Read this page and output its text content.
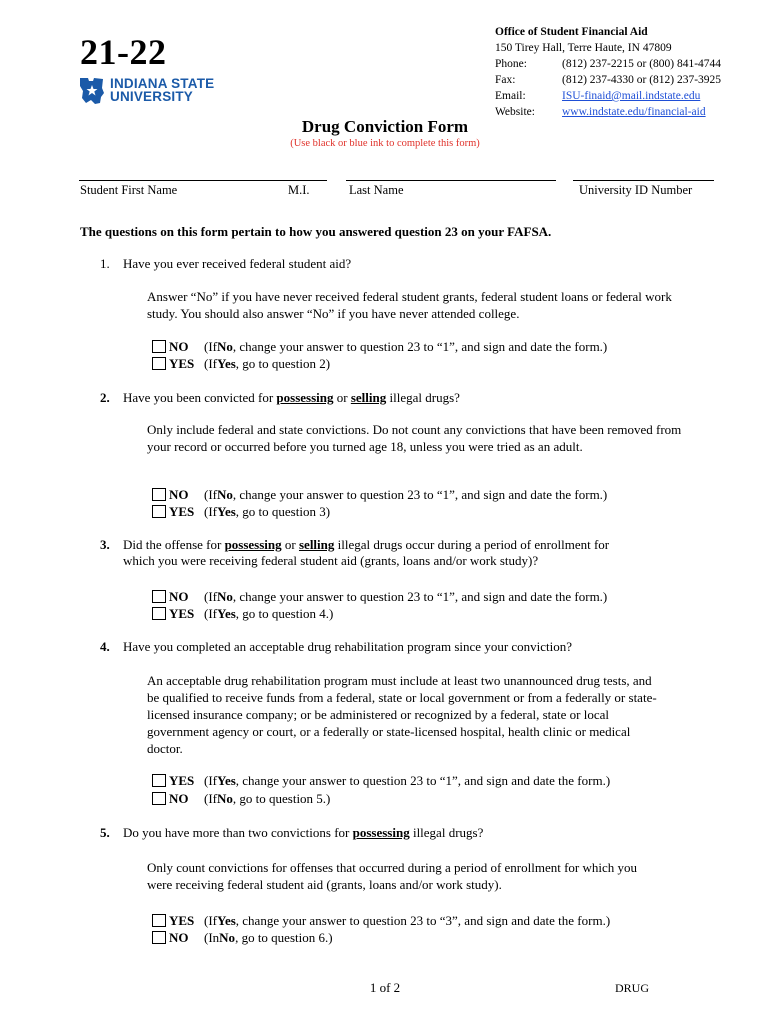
21-22
INDIANA STATE
UNIVERSITY
Office of Student Financial Aid
150 Tirey Hall, Terre Haute, IN 47809
Phone:	(812) 237-2215 or (800) 841-4744
Fax:	(812) 237-4330 or (812) 237-3925
Email:	ISU-finaid@mail.indstate.edu
Website:	www.indstate.edu/financial-aid
Drug Conviction Form
(Use black or blue ink to complete this form)
Student First Name	M.I.	Last Name	University ID Number
The questions on this form pertain to how you answered question 23 on your FAFSA.
1.	Have you ever received federal student aid?
Answer “No” if you have never received federal student grants, federal student loans or federal work study. You should also answer “No” if you have never attended college.
NO	(If No , change your answer to question 23 to “1”, and sign and date the form.)
YES (If Yes , go to question 2)
2.	Have you been convicted for possessing or selling illegal drugs?
Only include federal and state convictions. Do not count any convictions that have been removed from your record or occurred before you turned age 18, unless you were tried as an adult.
NO	(If No , change your answer to question 23 to “1”, and sign and date the form.)
YES (If Yes , go to question 3)
3.	Did the offense for possessing or selling illegal drugs occur during a period of enrollment for
which you were receiving federal student aid (grants, loans and/or work study)?
NO	(If No , change your answer to question 23 to “1”, and sign and date the form.)
YES (If Yes , go to question 4.)
4.	Have you completed an acceptable drug rehabilitation program since your conviction?
An acceptable drug rehabilitation program must include at least two unannounced drug tests, and be qualified to receive funds from a federal, state or local government or from a federally or state-licensed insurance company; or be administered or recognized by a federal, state or local government agency or court, or a federally or state-licensed hospital, health clinic or medical doctor.
YES (If Yes , change your answer to question 23 to “1”, and sign and date the form.)
NO	(If No , go to question 5.)
5.	Do you have more than two convictions for possessing illegal drugs?
Only count convictions for offenses that occurred during a period of enrollment for which you were receiving federal student aid (grants, loans and/or work study).
YES (If Yes , change your answer to question 23 to “3”, and sign and date the form.)
NO	(In No , go to question 6.)
1 of 2	DRUG
